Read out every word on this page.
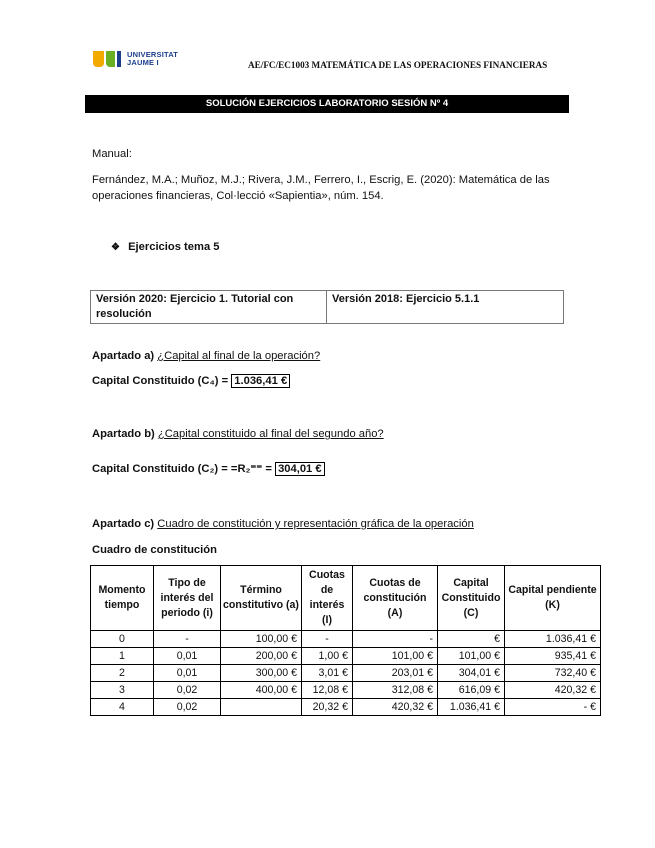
UNIVERSITAT
JAUME I	AE/FC/EC1003 MATEMÁTICA DE LAS OPERACIONES FINANCIERAS
SOLUCIÓN EJERCICIOS LABORATORIO SESIÓN Nº 4
Manual:
Fernández, M.A.; Muñoz, M.J.; Rivera, J.M., Ferrero, I., Escrig, E. (2020): Matemática de las
operaciones financieras, Col·lecció «Sapientia», núm. 154.
❖ Ejercicios tema 5
Versión 2020: Ejercicio 1. Tutorial con resolución	Versión 2018: Ejercicio 5.1.1
Apartado a) ¿Capital al final de la operación?
Capital Constituido (C₄) = 1.036,41 €
Apartado b) ¿Capital constituido al final del segundo año?
Capital Constituido (C₂) = =R₂⁼⁼ = 304,01 €
Apartado c) Cuadro de constitución y representación gráfica de la operación
Cuadro de constitución
Momento tiempo	Tipo de interés del periodo (i)	Término constitutivo (a)	Cuotas de interés (I)	Cuotas de constitución (A)	Capital Constituido (C)	Capital pendiente (K)
0	-	100,00 €	-	-	€	1.036,41 €
1	0,01	200,00 €	1,00 €	101,00 €	101,00 €	935,41 €
2	0,01	300,00 €	3,01 €	203,01 €	304,01 €	732,40 €
3	0,02	400,00 €	12,08 €	312,08 €	616,09 €	420,32 €
4	0,02		20,32 €	420,32 €	1.036,41 €	- €
